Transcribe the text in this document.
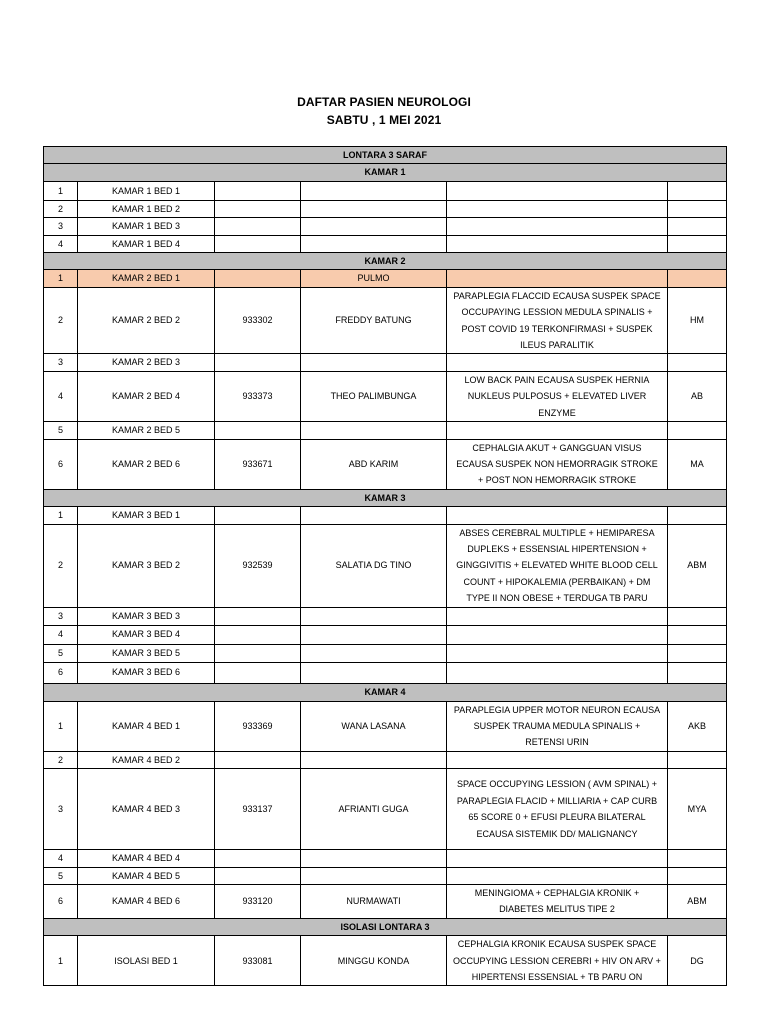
DAFTAR PASIEN NEUROLOGI
SABTU , 1 MEI 2021
LONTARA 3 SARAF					
KAMAR 1					
1	KAMAR 1 BED 1				
2	KAMAR 1 BED 2				
3	KAMAR 1 BED 3				
4	KAMAR 1 BED 4				
KAMAR 2					
1	KAMAR 2 BED 1		PULMO		
2	KAMAR 2 BED 2	933302	FREDDY BATUNG	PARAPLEGIA FLACCID ECAUSA SUSPEK SPACE OCCUPAYING LESSION MEDULA SPINALIS + POST COVID 19 TERKONFIRMASI + SUSPEK ILEUS PARALITIK	HM
3	KAMAR 2 BED 3				
4	KAMAR 2 BED 4	933373	THEO PALIMBUNGA	LOW BACK PAIN ECAUSA SUSPEK HERNIA NUKLEUS PULPOSUS + ELEVATED LIVER ENZYME	AB
5	KAMAR 2 BED 5				
6	KAMAR 2 BED 6	933671	ABD KARIM	CEPHALGIA AKUT + GANGGUAN VISUS ECAUSA SUSPEK NON HEMORRAGIK STROKE + POST NON HEMORRAGIK STROKE	MA
KAMAR 3					
1	KAMAR 3 BED 1				
2	KAMAR 3 BED 2	932539	SALATIA DG TINO	ABSES CEREBRAL MULTIPLE + HEMIPARESA DUPLEKS + ESSENSIAL HIPERTENSION + GINGGIVITIS + ELEVATED WHITE BLOOD CELL COUNT + HIPOKALEMIA (PERBAIKAN) + DM TYPE II NON OBESE + TERDUGA TB PARU	ABM
3	KAMAR 3 BED 3				
4	KAMAR 3 BED 4				
5	KAMAR 3 BED 5				
6	KAMAR 3 BED 6				
KAMAR 4					
1	KAMAR 4 BED 1	933369	WANA LASANA	PARAPLEGIA UPPER MOTOR NEURON ECAUSA SUSPEK TRAUMA MEDULA SPINALIS + RETENSI URIN	AKB
2	KAMAR 4 BED 2				
3	KAMAR 4 BED 3	933137	AFRIANTI GUGA	SPACE OCCUPYING LESSION ( AVM SPINAL) + PARAPLEGIA FLACID + MILLIARIA + CAP CURB 65 SCORE 0 + EFUSI PLEURA BILATERAL ECAUSA SISTEMIK DD/ MALIGNANCY	MYA
4	KAMAR 4 BED 4				
5	KAMAR 4 BED 5				
6	KAMAR 4 BED 6	933120	NURMAWATI	MENINGIOMA + CEPHALGIA KRONIK + DIABETES MELITUS TIPE 2	ABM
ISOLASI LONTARA 3					
1	ISOLASI BED 1	933081	MINGGU KONDA	CEPHALGIA KRONIK ECAUSA SUSPEK SPACE OCCUPYING LESSION CEREBRI + HIV ON ARV + HIPERTENSI ESSENSIAL + TB PARU ON	DG
